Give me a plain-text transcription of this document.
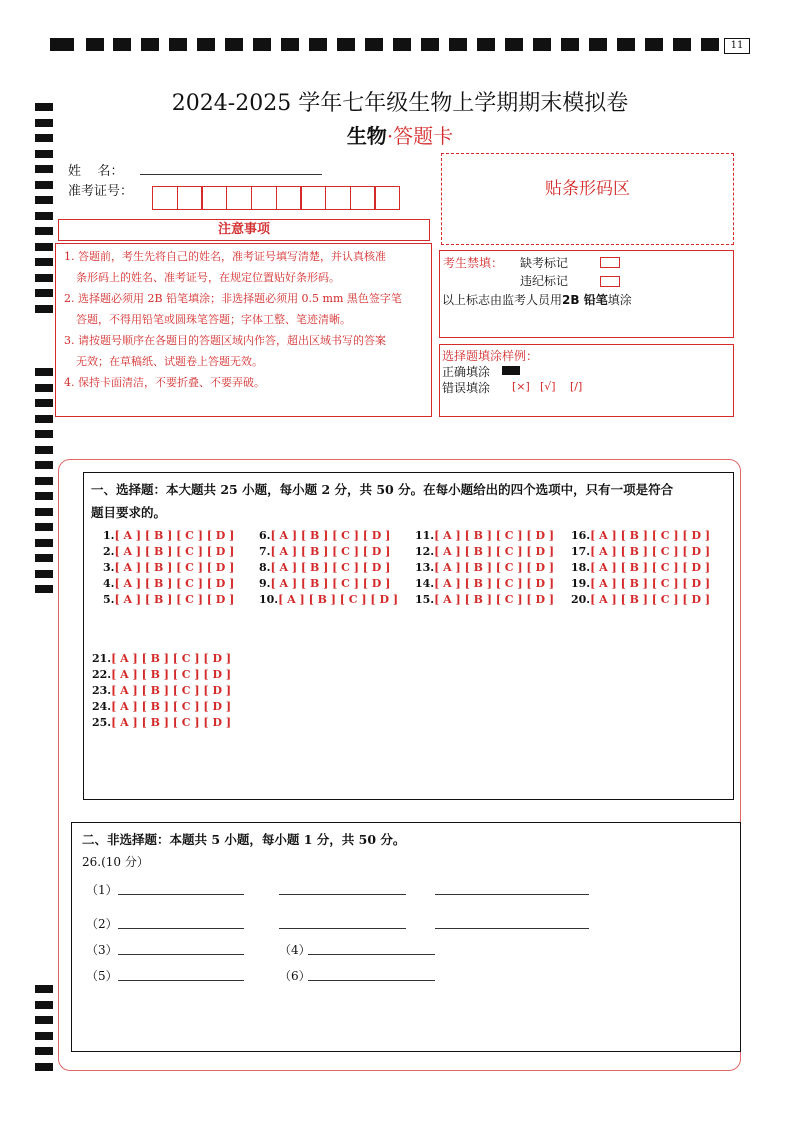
11
2024-2025 学年七年级生物上学期期末模拟卷
生物·答题卡
姓    名：
准考证号：	贴条形码区
注意事项

1. 答题前，考生先将自己的姓名，准考证号填写清楚，并认真核准

条形码上的姓名、准考证号，在规定位置贴好条形码。

2. 选择题必须用 2B 铅笔填涂；非选择题必须用 0.5 mm 黑色签字笔

答题，不得用铅笔或圆珠笔答题；字体工整、笔迹清晰。

3. 请按题号顺序在各题目的答题区域内作答，超出区域书写的答案

无效；在草稿纸、试题卷上答题无效。

4. 保持卡面清洁，不要折叠、不要弄破。

考生禁填： 缺考标记
违纪标记
以上标志由监考人员用2B 铅笔填涂
选择题填涂样例：
正确填涂
错误填涂 [×] [√] [/]
一、选择题：本大题共 25 小题，每小题 2 分，共 50 分。在每小题给出的四个选项中，只有一项是符合
题目要求的。
1.[ A ] [ B ] [ C ] [ D ]
2.[ A ] [ B ] [ C ] [ D ]
3.[ A ] [ B ] [ C ] [ D ]
4.[ A ] [ B ] [ C ] [ D ]
5.[ A ] [ B ] [ C ] [ D ]
6.[ A ] [ B ] [ C ] [ D ]
7.[ A ] [ B ] [ C ] [ D ]
8.[ A ] [ B ] [ C ] [ D ]
9.[ A ] [ B ] [ C ] [ D ]
10.[ A ] [ B ] [ C ] [ D ]
11.[ A ] [ B ] [ C ] [ D ]
12.[ A ] [ B ] [ C ] [ D ]
13.[ A ] [ B ] [ C ] [ D ]
14.[ A ] [ B ] [ C ] [ D ]
15.[ A ] [ B ] [ C ] [ D ]
16.[ A ] [ B ] [ C ] [ D ]
17.[ A ] [ B ] [ C ] [ D ]
18.[ A ] [ B ] [ C ] [ D ]
19.[ A ] [ B ] [ C ] [ D ]
20.[ A ] [ B ] [ C ] [ D ]
21.[ A ] [ B ] [ C ] [ D ]
22.[ A ] [ B ] [ C ] [ D ]
23.[ A ] [ B ] [ C ] [ D ]
24.[ A ] [ B ] [ C ] [ D ]
25.[ A ] [ B ] [ C ] [ D ]
二、非选择题：本题共 5 小题，每小题 1 分，共 50 分。
26.(10 分）
（1）
（2）
（3）	（4）
（5）	（6）
